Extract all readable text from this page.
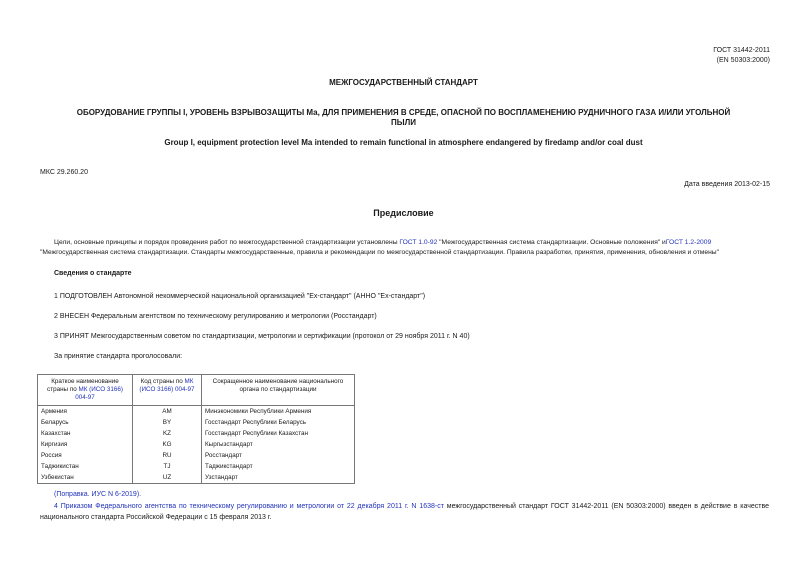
ГОСТ 31442-2011
(EN 50303:2000)
МЕЖГОСУДАРСТВЕННЫЙ СТАНДАРТ
ОБОРУДОВАНИЕ ГРУППЫ I, УРОВЕНЬ ВЗРЫВОЗАЩИТЫ Ма, ДЛЯ ПРИМЕНЕНИЯ В СРЕДЕ, ОПАСНОЙ ПО ВОСПЛАМЕНЕНИЮ РУДНИЧНОГО ГАЗА И/ИЛИ УГОЛЬНОЙ
ПЫЛИ
Group I, equipment protection level Ma intended to remain functional in atmosphere endangered by firedamp and/or coal dust
МКС 29.260.20
Дата введения 2013-02-15
Предисловие
Цели, основные принципы и порядок проведения работ по межгосударственной стандартизации установлены ГОСТ 1.0-92 "Межгосударственная система стандартизации. Основные положения" иГОСТ 1.2-2009 "Межгосударственная система стандартизации. Стандарты межгосударственные, правила и рекомендации по межгосударственной стандартизации. Правила разработки, принятия, применения, обновления и отмены"
Сведения о стандарте
1 ПОДГОТОВЛЕН Автономной некоммерческой национальной организацией "Ех-стандарт" (АННО "Ех-стандарт")
2 ВНЕСЕН Федеральным агентством по техническому регулированию и метрологии (Росстандарт)
3 ПРИНЯТ Межгосударственным советом по стандартизации, метрологии и сертификации (протокол от 29 ноября 2011 г. N 40)
За принятие стандарта проголосовали:
Краткое наименование страны по МК (ИСО 3166) 004-97	Код страны по МК (ИСО 3166) 004-97	Сокращенное наименование национального органа по стандартизации
Армения	AM	Минэкономики Республики Армения
Беларусь	BY	Госстандарт Республики Беларусь
Казахстан	KZ	Госстандарт Республики Казахстан
Киргизия	KG	Кыргызстандарт
Россия	RU	Росстандарт
Таджикистан	TJ	Таджикстандарт
Узбекистан	UZ	Узстандарт
(Поправка. ИУС N 6-2019).
4 Приказом Федерального агентства по техническому регулированию и метрологии от 22 декабря 2011 г. N 1638-ст межгосударственный стандарт ГОСТ 31442-2011 (EN 50303:2000) введен в действие в качестве национального стандарта Российской Федерации с 15 февраля 2013 г.
